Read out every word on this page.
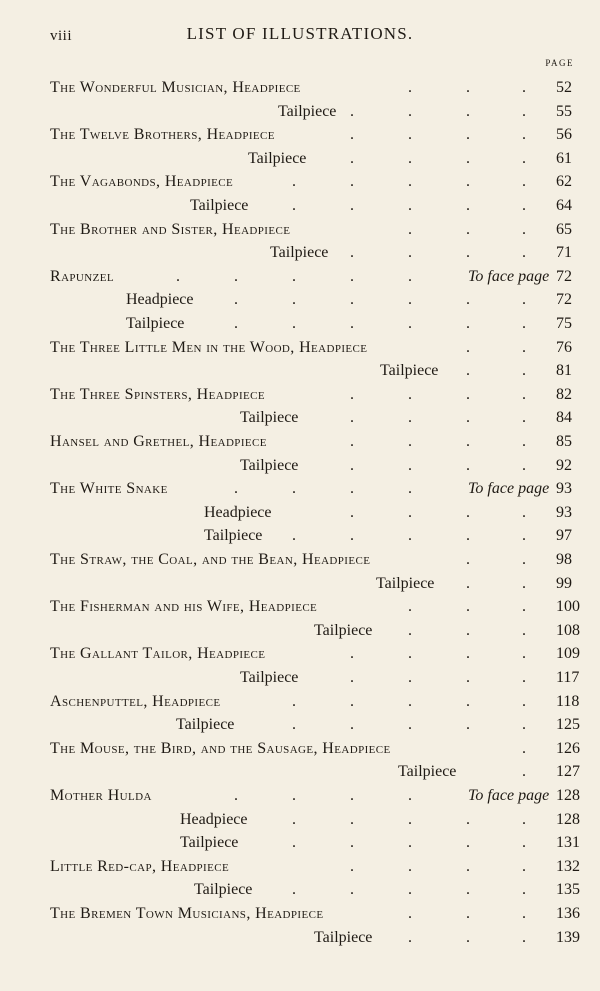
viii	LIST OF ILLUSTRATIONS.
PAGE
The Wonderful Musician, Headpiece	.	.	. 52
Tailpiece .	.	.	. 55
The Twelve Brothers, Headpiece	.	.	.	. 56
Tailpiece	.	.	.	. 61
The Vagabonds, Headpiece	.	.	.	.	. 62
Tailpiece	.	.	.	.	. 64
The Brother and Sister, Headpiece	.	.	. 65
Tailpiece .	.	.	. 71
Rapunzel	.	.	.	.	.	To face page 72
Headpiece	.	.	.	.	.	. 72
Tailpiece	.	.	.	.	.	. 75
The Three Little Men in the Wood, Headpiece	.	. 76
Tailpiece .	. 81
The Three Spinsters, Headpiece	.	.	.	. 82
Tailpiece	.	.	.	. 84
Hansel and Grethel, Headpiece	.	.	.	. 85
Tailpiece	.	.	.	. 92
The White Snake	.	.	.	.	To face page 93
Headpiece	.	.	.	. 93
Tailpiece .	.	.	.	. 97
The Straw, the Coal, and the Bean, Headpiece	.	. 98
Tailpiece .	. 99
The Fisherman and his Wife, Headpiece	.	.	. 100
Tailpiece .	.	. 108
The Gallant Tailor, Headpiece	.	.	.	. 109
Tailpiece	.	.	.	. 117
Aschenputtel, Headpiece	.	.	.	.	. 118
Tailpiece	.	.	.	.	. 125
The Mouse, the Bird, and the Sausage, Headpiece	. 126
Tailpiece	. 127
Mother Hulda	.	.	.	.	To face page 128
Headpiece	.	.	.	.	. 128
Tailpiece	.	.	.	.	. 131
Little Red-cap, Headpiece	.	.	.	. 132
Tailpiece .	.	.	.	. 135
The Bremen Town Musicians, Headpiece	.	.	. 136
Tailpiece .	.	. 139
